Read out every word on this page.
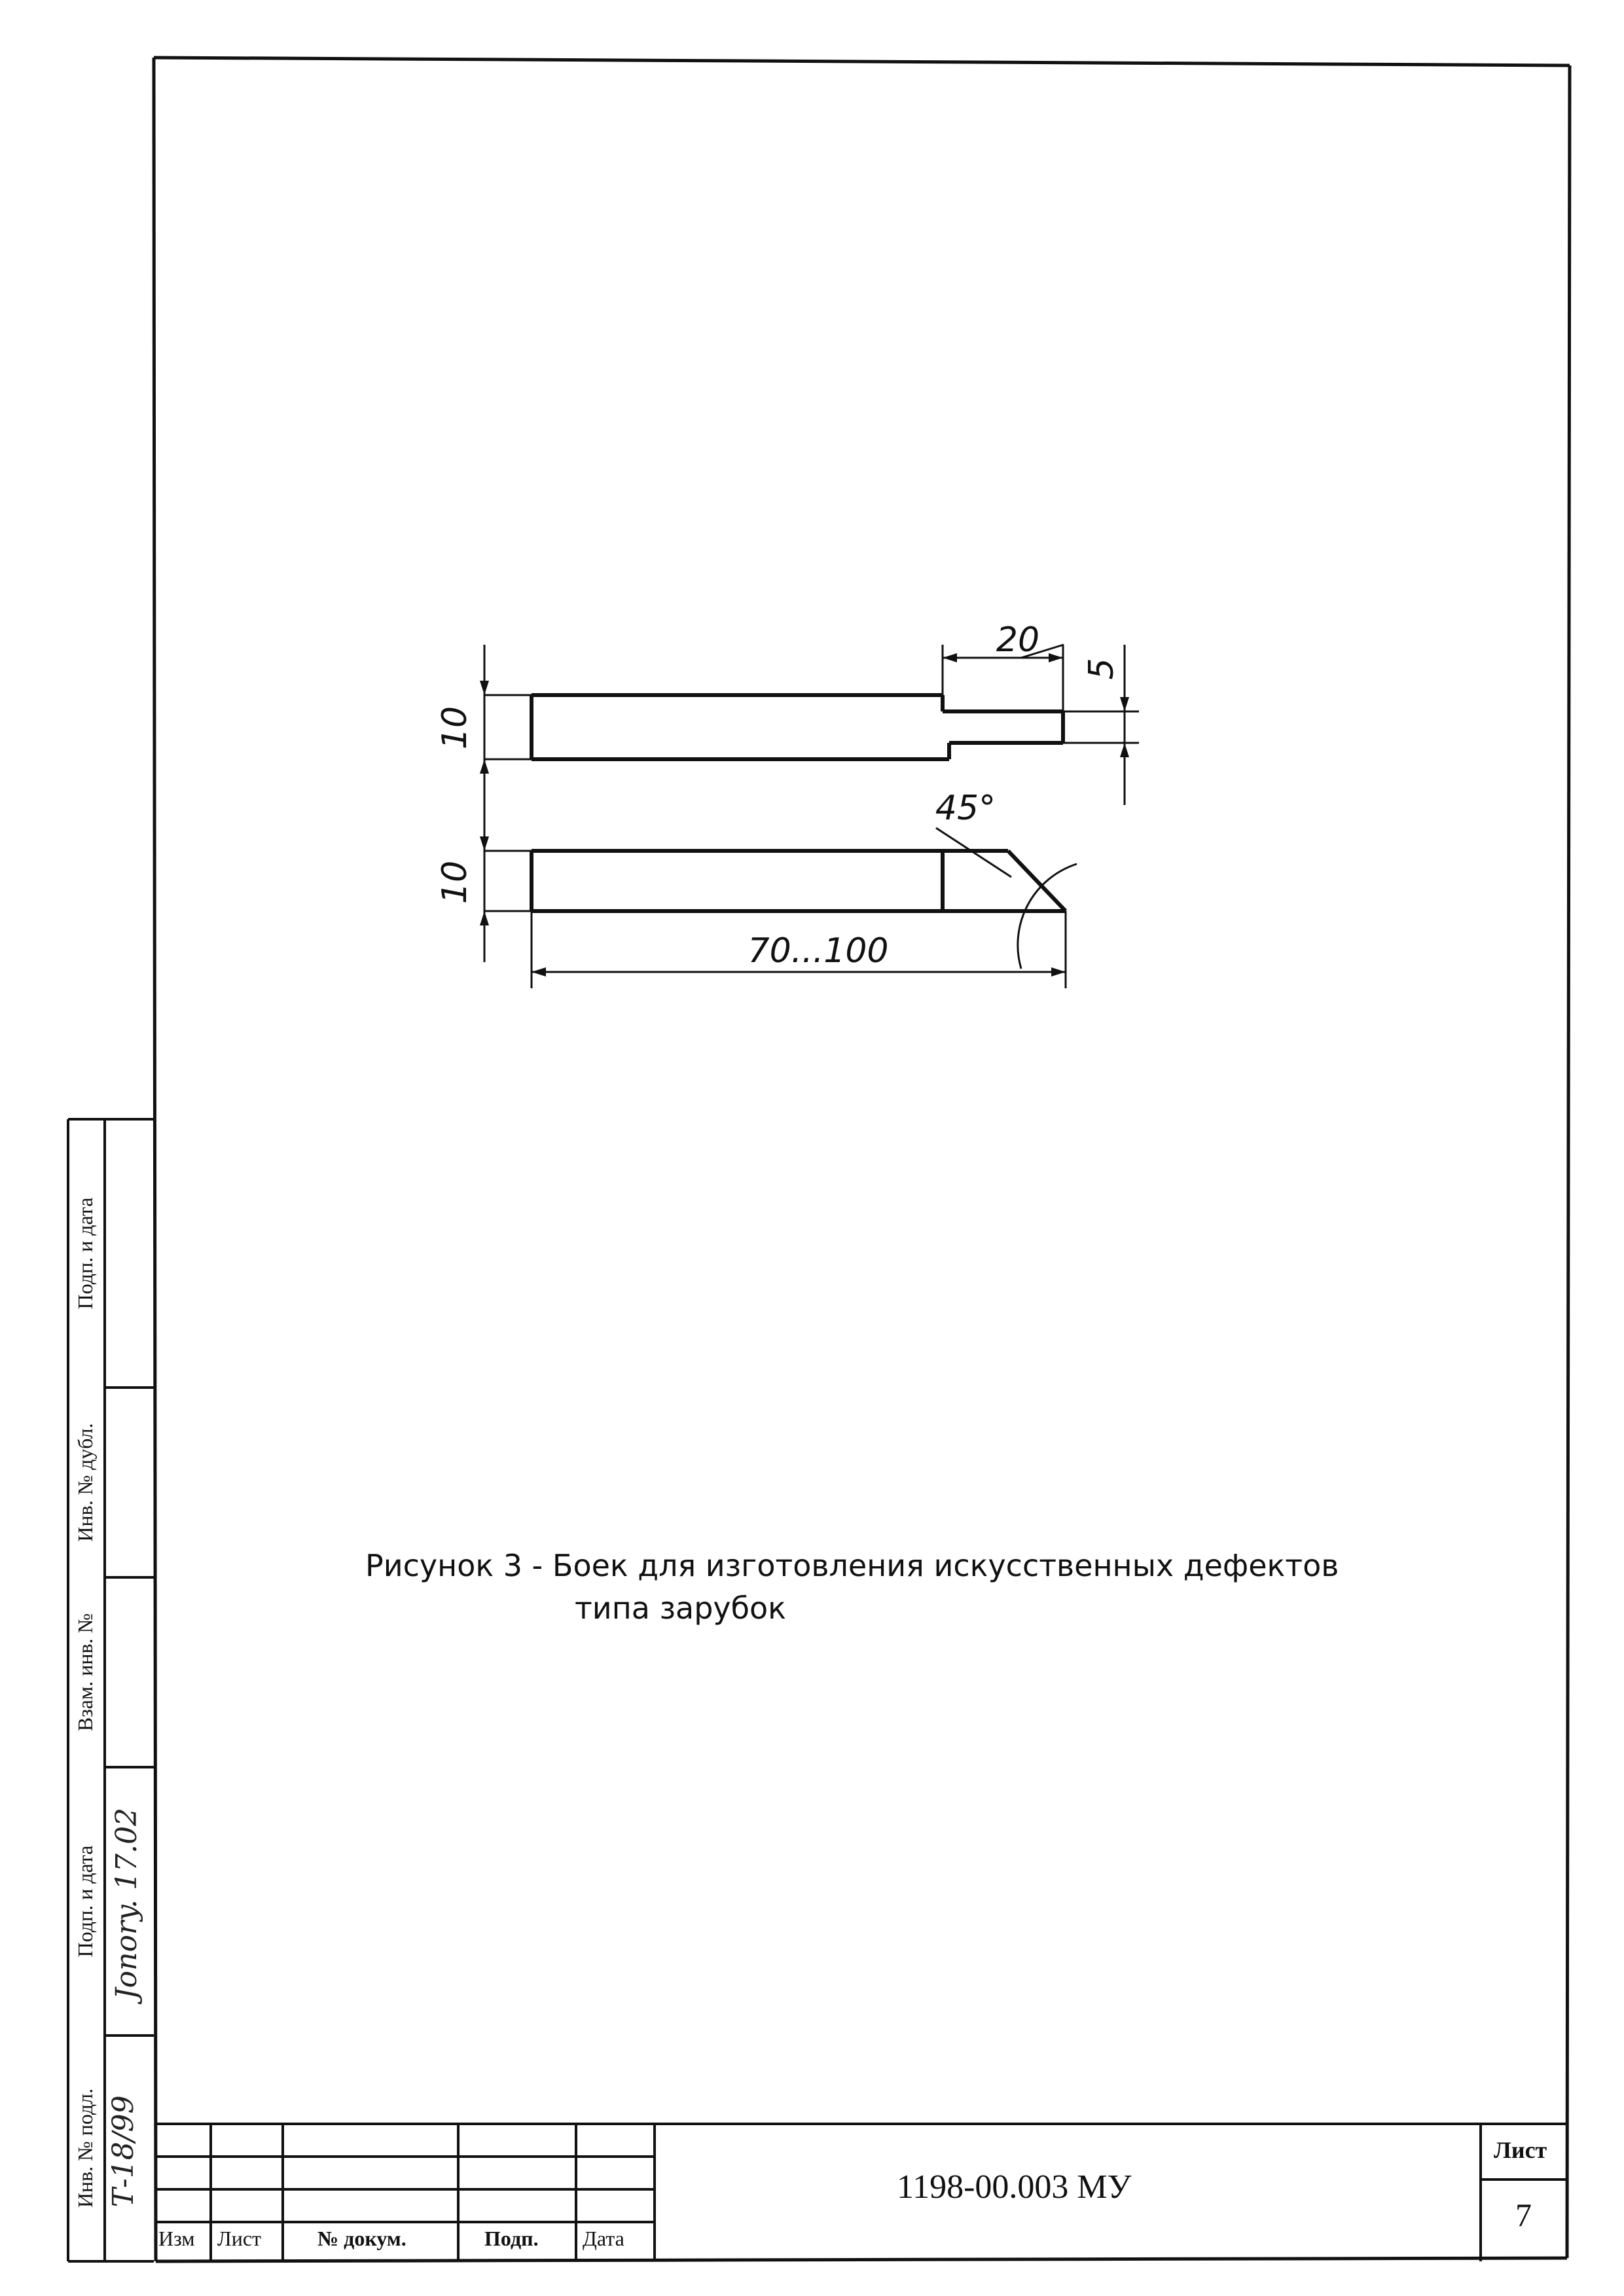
10
10
20
5
45°
70...100
Рисунок 3 - Боек для изготовления искусственных дефектов
типа зарубок
Инв. № подл.
Подп. и дата
Взам. инв. №
Инв. № дубл.
Подп. и дата
Т-18/99
Jonory. 17.02
Изм Лист	№ докум.	Подп. Дата
1198-00.003 МУ
Лист
7
